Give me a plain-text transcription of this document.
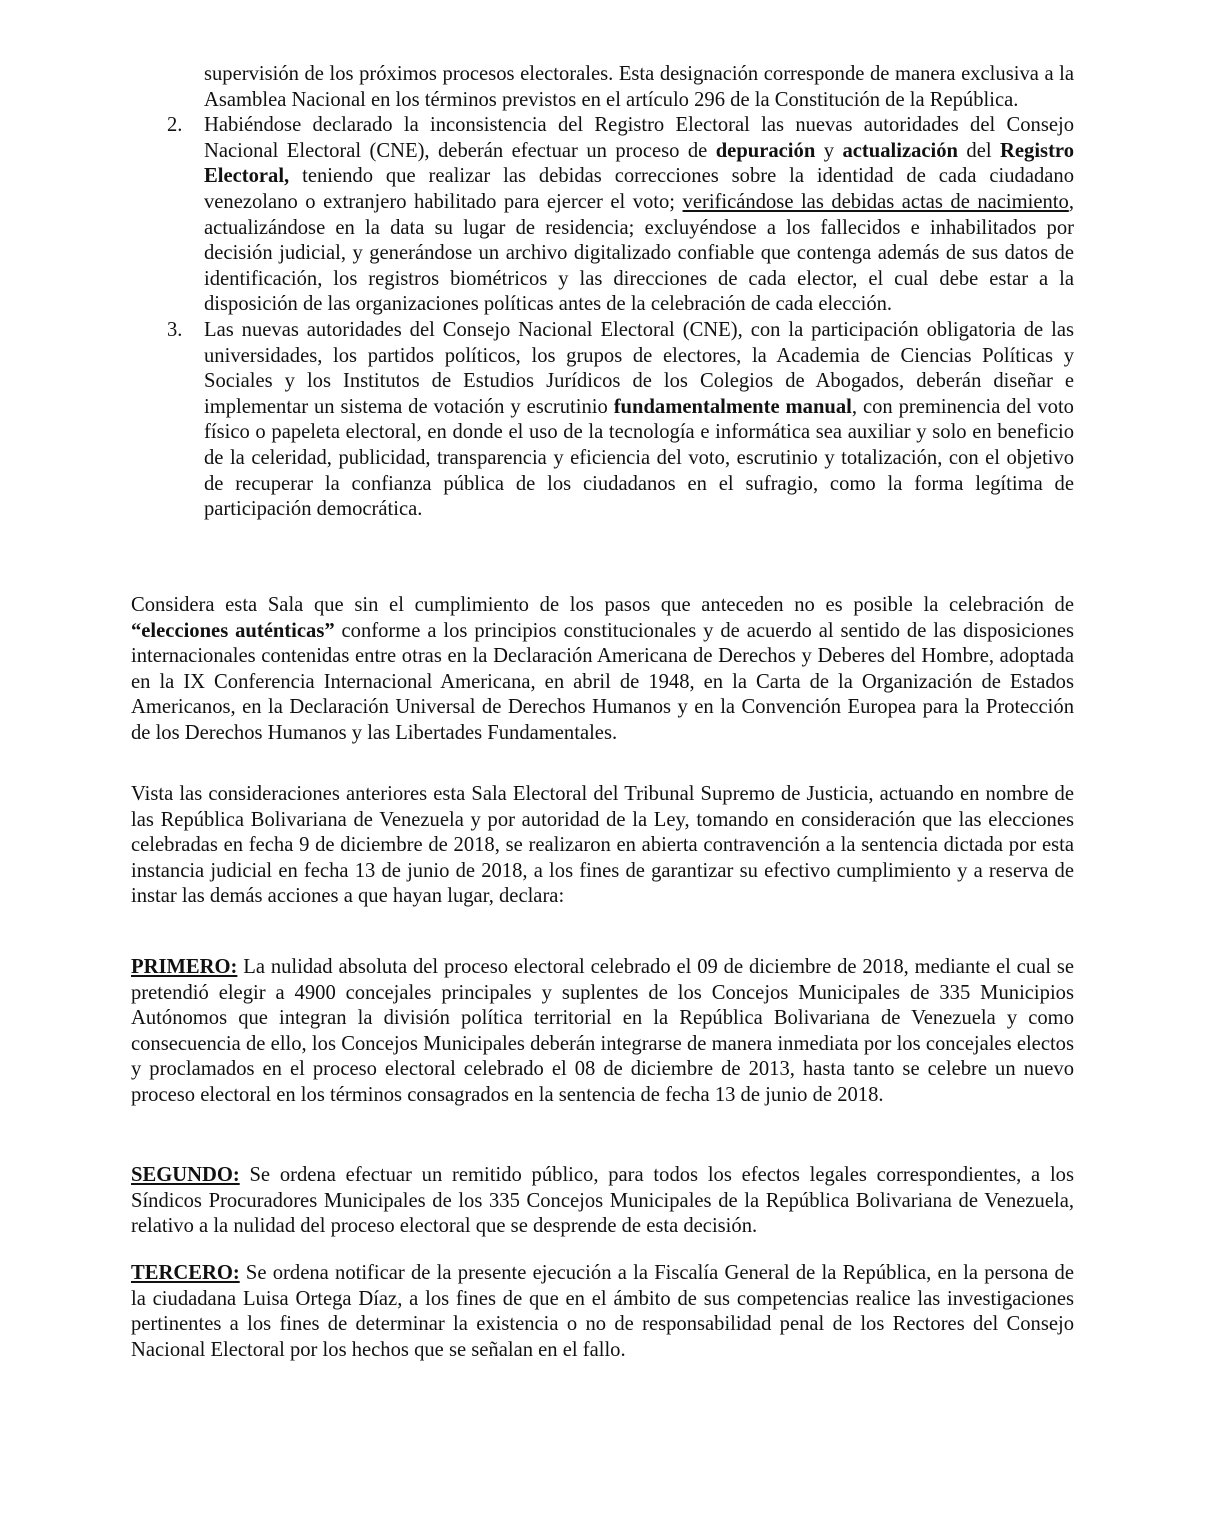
supervisión de los próximos procesos electorales. Esta designación corresponde de manera exclusiva a la Asamblea Nacional en los términos previstos en el artículo 296 de la Constitución de la República.

2. Habiéndose declarado la inconsistencia del Registro Electoral las nuevas autoridades del Consejo Nacional Electoral (CNE), deberán efectuar un proceso de depuración y actualización del Registro Electoral, teniendo que realizar las debidas correcciones sobre la identidad de cada ciudadano venezolano o extranjero habilitado para ejercer el voto; verificándose las debidas actas de nacimiento, actualizándose en la data su lugar de residencia; excluyéndose a los fallecidos e inhabilitados por decisión judicial, y generándose un archivo digitalizado confiable que contenga además de sus datos de identificación, los registros biométricos y las direcciones de cada elector, el cual debe estar a la disposición de las organizaciones políticas antes de la celebración de cada elección.

3. Las nuevas autoridades del Consejo Nacional Electoral (CNE), con la participación obligatoria de las universidades, los partidos políticos, los grupos de electores, la Academia de Ciencias Políticas y Sociales y los Institutos de Estudios Jurídicos de los Colegios de Abogados, deberán diseñar e implementar un sistema de votación y escrutinio fundamentalmente manual, con preminencia del voto físico o papeleta electoral, en donde el uso de la tecnología e informática sea auxiliar y solo en beneficio de la celeridad, publicidad, transparencia y eficiencia del voto, escrutinio y totalización, con el objetivo de recuperar la confianza pública de los ciudadanos en el sufragio, como la forma legítima de participación democrática.

Considera esta Sala que sin el cumplimiento de los pasos que anteceden no es posible la celebración de “elecciones auténticas” conforme a los principios constitucionales y de acuerdo al sentido de las disposiciones internacionales contenidas entre otras en la Declaración Americana de Derechos y Deberes del Hombre, adoptada en la IX Conferencia Internacional Americana, en abril de 1948, en la Carta de la Organización de Estados Americanos, en la Declaración Universal de Derechos Humanos y en la Convención Europea para la Protección de los Derechos Humanos y las Libertades Fundamentales.

Vista las consideraciones anteriores esta Sala Electoral del Tribunal Supremo de Justicia, actuando en nombre de las República Bolivariana de Venezuela y por autoridad de la Ley, tomando en consideración que las elecciones celebradas en fecha 9 de diciembre de 2018, se realizaron en abierta contravención a la sentencia dictada por esta instancia judicial en fecha 13 de junio de 2018, a los fines de garantizar su efectivo cumplimiento y a reserva de instar las demás acciones a que hayan lugar, declara:

PRIMERO: La nulidad absoluta del proceso electoral celebrado el 09 de diciembre de 2018, mediante el cual se pretendió elegir a 4900 concejales principales y suplentes de los Concejos Municipales de 335 Municipios Autónomos que integran la división política territorial en la República Bolivariana de Venezuela y como consecuencia de ello, los Concejos Municipales deberán integrarse de manera inmediata por los concejales electos y proclamados en el proceso electoral celebrado el 08 de diciembre de 2013, hasta tanto se celebre un nuevo proceso electoral en los términos consagrados en la sentencia de fecha 13 de junio de 2018.

SEGUNDO: Se ordena efectuar un remitido público, para todos los efectos legales correspondientes, a los Síndicos Procuradores Municipales de los 335 Concejos Municipales de la República Bolivariana de Venezuela, relativo a la nulidad del proceso electoral que se desprende de esta decisión.

TERCERO: Se ordena notificar de la presente ejecución a la Fiscalía General de la República, en la persona de la ciudadana Luisa Ortega Díaz, a los fines de que en el ámbito de sus competencias realice las investigaciones pertinentes a los fines de determinar la existencia o no de responsabilidad penal de los Rectores del Consejo Nacional Electoral por los hechos que se señalan en el fallo.
